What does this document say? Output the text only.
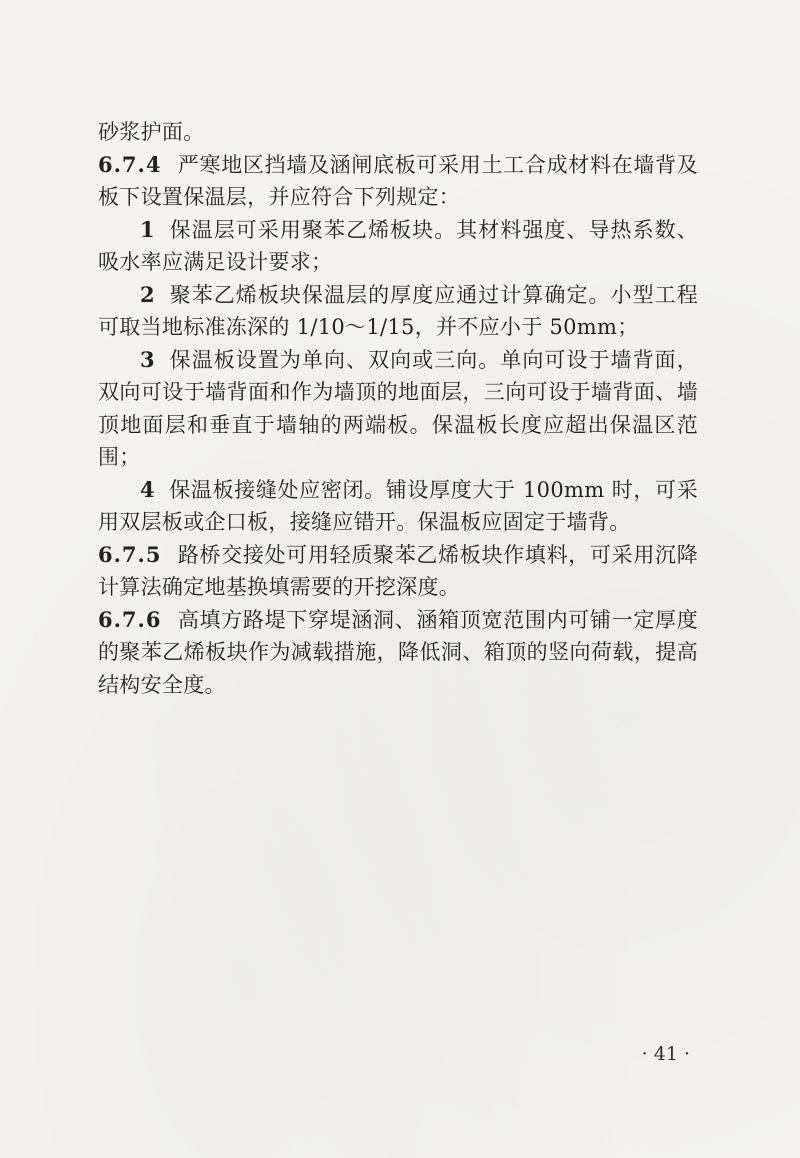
砂浆护面。

6.7.4 严寒地区挡墙及涵闸底板可采用土工合成材料在墙背及板下设置保温层，并应符合下列规定：

1 保温层可采用聚苯乙烯板块。其材料强度、导热系数、吸水率应满足设计要求；

2 聚苯乙烯板块保温层的厚度应通过计算确定。小型工程可取当地标准冻深的 1/10～1/15，并不应小于 50mm；

3 保温板设置为单向、双向或三向。单向可设于墙背面，双向可设于墙背面和作为墙顶的地面层，三向可设于墙背面、墙顶地面层和垂直于墙轴的两端板。保温板长度应超出保温区范围；

4 保温板接缝处应密闭。铺设厚度大于 100mm 时，可采用双层板或企口板，接缝应错开。保温板应固定于墙背。

6.7.5 路桥交接处可用轻质聚苯乙烯板块作填料，可采用沉降计算法确定地基换填需要的开挖深度。

6.7.6 高填方路堤下穿堤涵洞、涵箱顶宽范围内可铺一定厚度的聚苯乙烯板块作为减载措施，降低洞、箱顶的竖向荷载，提高结构安全度。

· 41 ·
